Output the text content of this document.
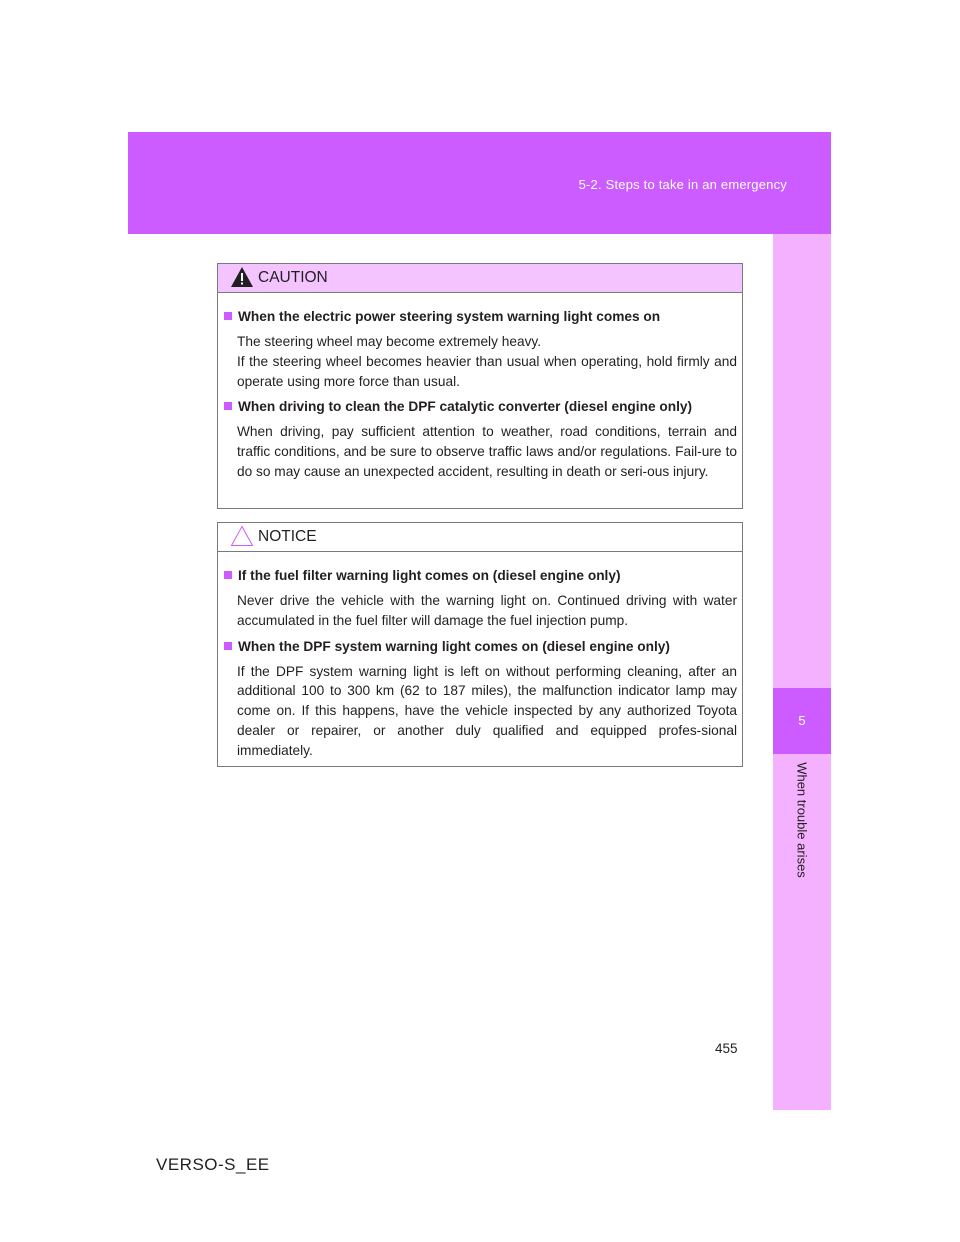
5-2. Steps to take in an emergency
5
When trouble arises
CAUTION
When the electric power steering system warning light comes on
The steering wheel may become extremely heavy.
If the steering wheel becomes heavier than usual when operating, hold firmly and operate using more force than usual.
When driving to clean the DPF catalytic converter (diesel engine only)
When driving, pay sufficient attention to weather, road conditions, terrain and traffic conditions, and be sure to observe traffic laws and/or regulations. Fail-ure to do so may cause an unexpected accident, resulting in death or seri-ous injury.
NOTICE
If the fuel filter warning light comes on (diesel engine only)
Never drive the vehicle with the warning light on. Continued driving with water accumulated in the fuel filter will damage the fuel injection pump.
When the DPF system warning light comes on (diesel engine only)
If the DPF system warning light is left on without performing cleaning, after an additional 100 to 300 km (62 to 187 miles), the malfunction indicator lamp may come on. If this happens, have the vehicle inspected by any authorized Toyota dealer or repairer, or another duly qualified and equipped profes-sional immediately.
455
VERSO-S_EE
